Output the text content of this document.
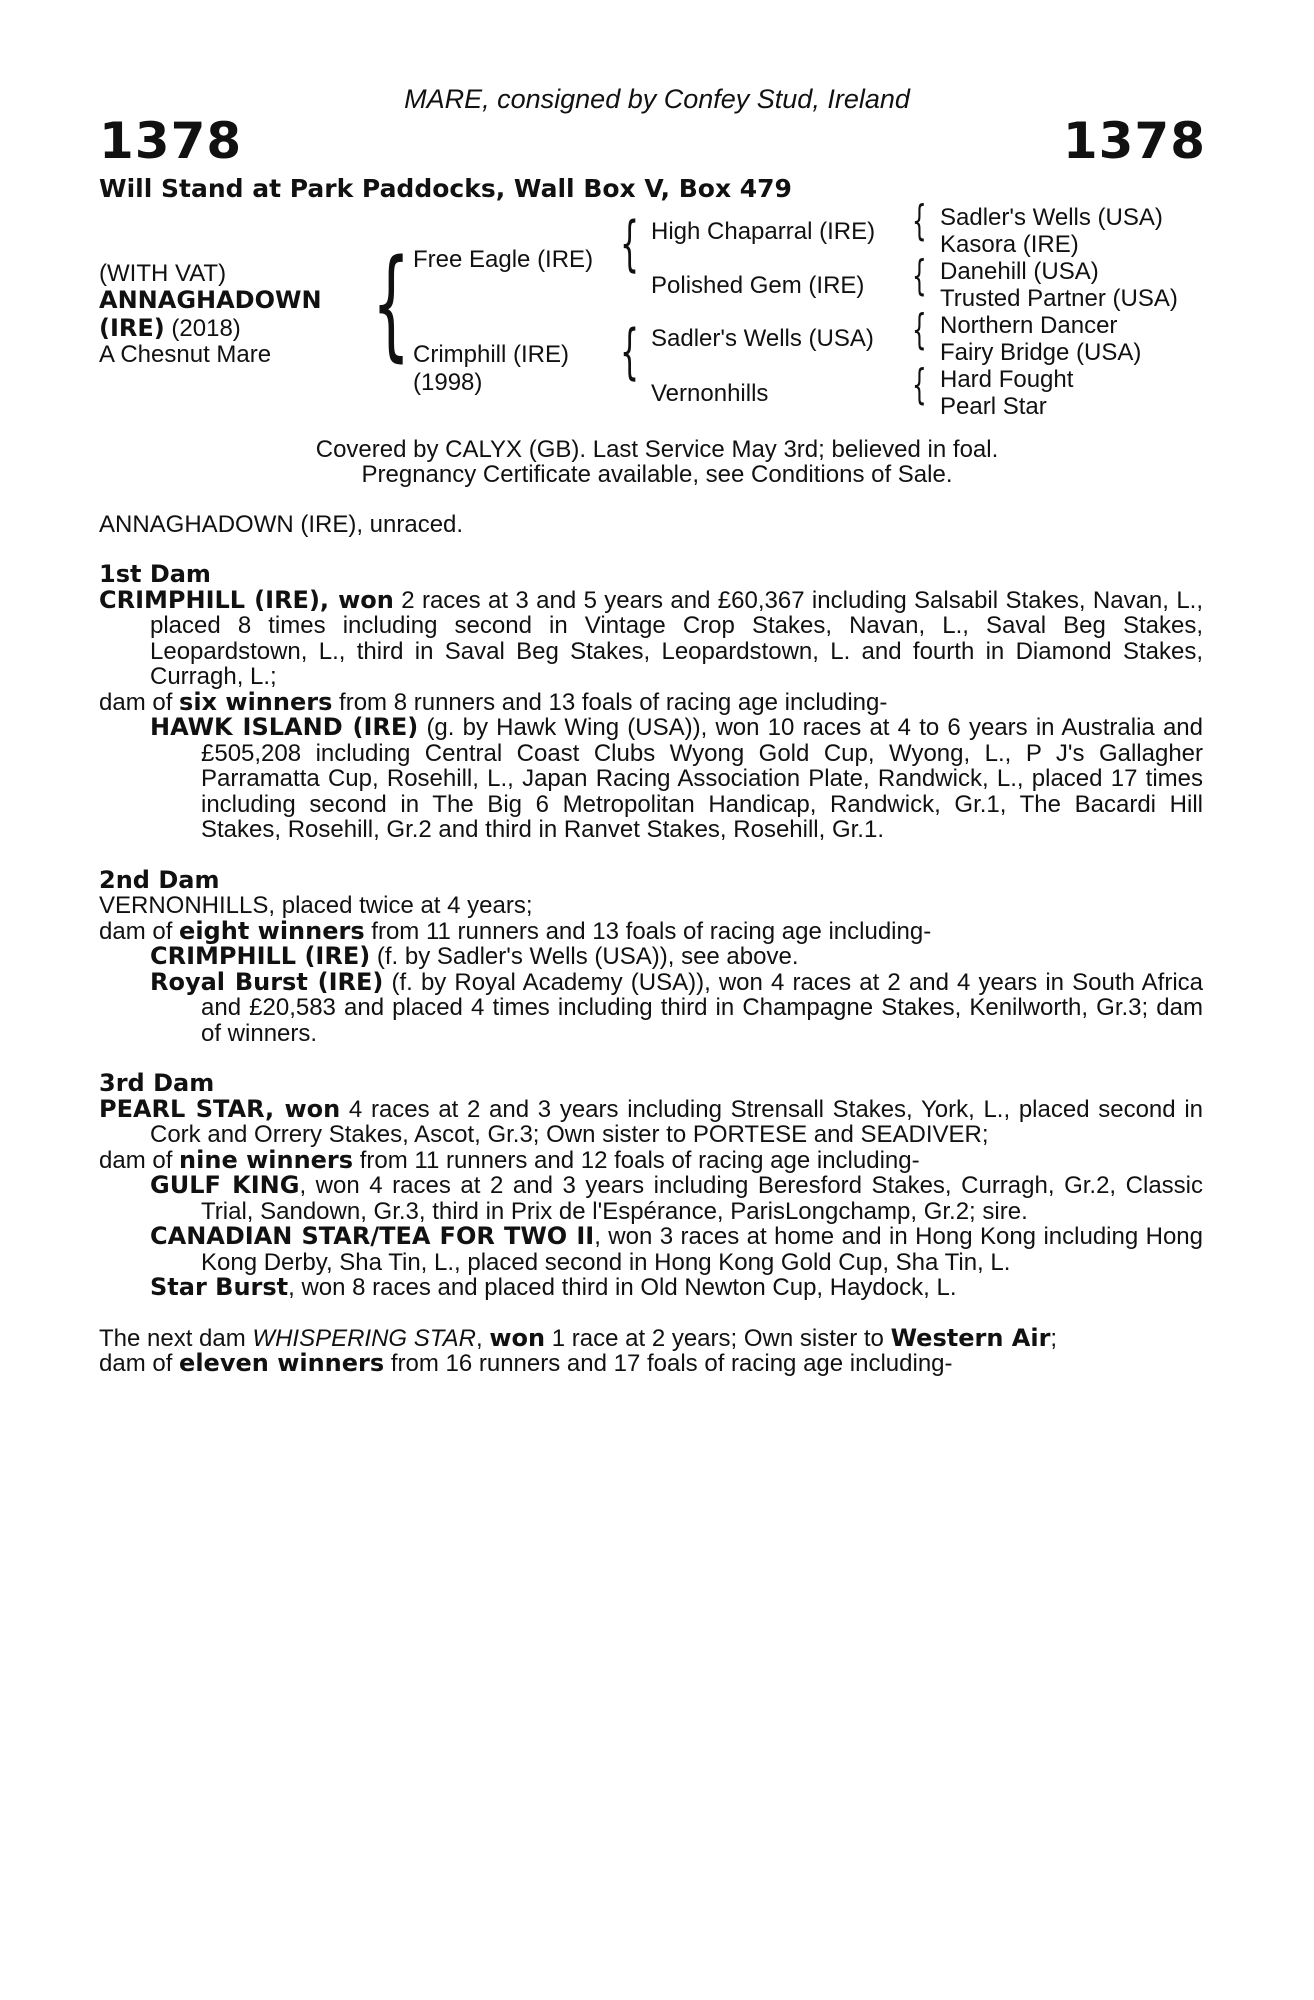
MARE, consigned by Confey Stud, Ireland
1378	1378
Will Stand at Park Paddocks, Wall Box V, Box 479
(WITH VAT)
ANNAGHADOWN
(IRE) (2018)
A Chesnut Mare { Free Eagle (IRE)
Crimphill (IRE)
(1998)
{
{
High Chaparral (IRE)
Polished Gem (IRE)
Sadler's Wells (USA)
Vernonhills
{
{
{
{
Sadler's Wells (USA)
Kasora (IRE)
Danehill (USA)
Trusted Partner (USA)
Northern Dancer
Fairy Bridge (USA)
Hard Fought
Pearl Star
Covered by CALYX (GB). Last Service May 3rd; believed in foal.
Pregnancy Certificate available, see Conditions of Sale.
ANNAGHADOWN (IRE), unraced.
1st Dam

CRIMPHILL (IRE), won 2 races at 3 and 5 years and £60,367 including Salsabil Stakes, Navan, L., placed 8 times including second in Vintage Crop Stakes, Navan, L., Saval Beg Stakes, Leopardstown, L., third in Saval Beg Stakes, Leopardstown, L. and fourth in Diamond Stakes, Curragh, L.;

dam of six winners from 8 runners and 13 foals of racing age including-

HAWK ISLAND (IRE) (g. by Hawk Wing (USA)), won 10 races at 4 to 6 years in Australia and £505,208 including Central Coast Clubs Wyong Gold Cup, Wyong, L., P J's Gallagher Parramatta Cup, Rosehill, L., Japan Racing Association Plate, Randwick, L., placed 17 times including second in The Big 6 Metropolitan Handicap, Randwick, Gr.1, The Bacardi Hill Stakes, Rosehill, Gr.2 and third in Ranvet Stakes, Rosehill, Gr.1.

2nd Dam

VERNONHILLS, placed twice at 4 years;

dam of eight winners from 11 runners and 13 foals of racing age including-

CRIMPHILL (IRE) (f. by Sadler's Wells (USA)), see above.

Royal Burst (IRE) (f. by Royal Academy (USA)), won 4 races at 2 and 4 years in South Africa and £20,583 and placed 4 times including third in Champagne Stakes, Kenilworth, Gr.3; dam of winners.

3rd Dam

PEARL STAR, won 4 races at 2 and 3 years including Strensall Stakes, York, L., placed second in Cork and Orrery Stakes, Ascot, Gr.3; Own sister to PORTESE and SEADIVER;

dam of nine winners from 11 runners and 12 foals of racing age including-

GULF KING, won 4 races at 2 and 3 years including Beresford Stakes, Curragh, Gr.2, Classic Trial, Sandown, Gr.3, third in Prix de l'Espérance, ParisLongchamp, Gr.2; sire.

CANADIAN STAR/TEA FOR TWO II, won 3 races at home and in Hong Kong including Hong Kong Derby, Sha Tin, L., placed second in Hong Kong Gold Cup, Sha Tin, L.

Star Burst, won 8 races and placed third in Old Newton Cup, Haydock, L.

The next dam WHISPERING STAR, won 1 race at 2 years; Own sister to Western Air;

dam of eleven winners from 16 runners and 17 foals of racing age including-
